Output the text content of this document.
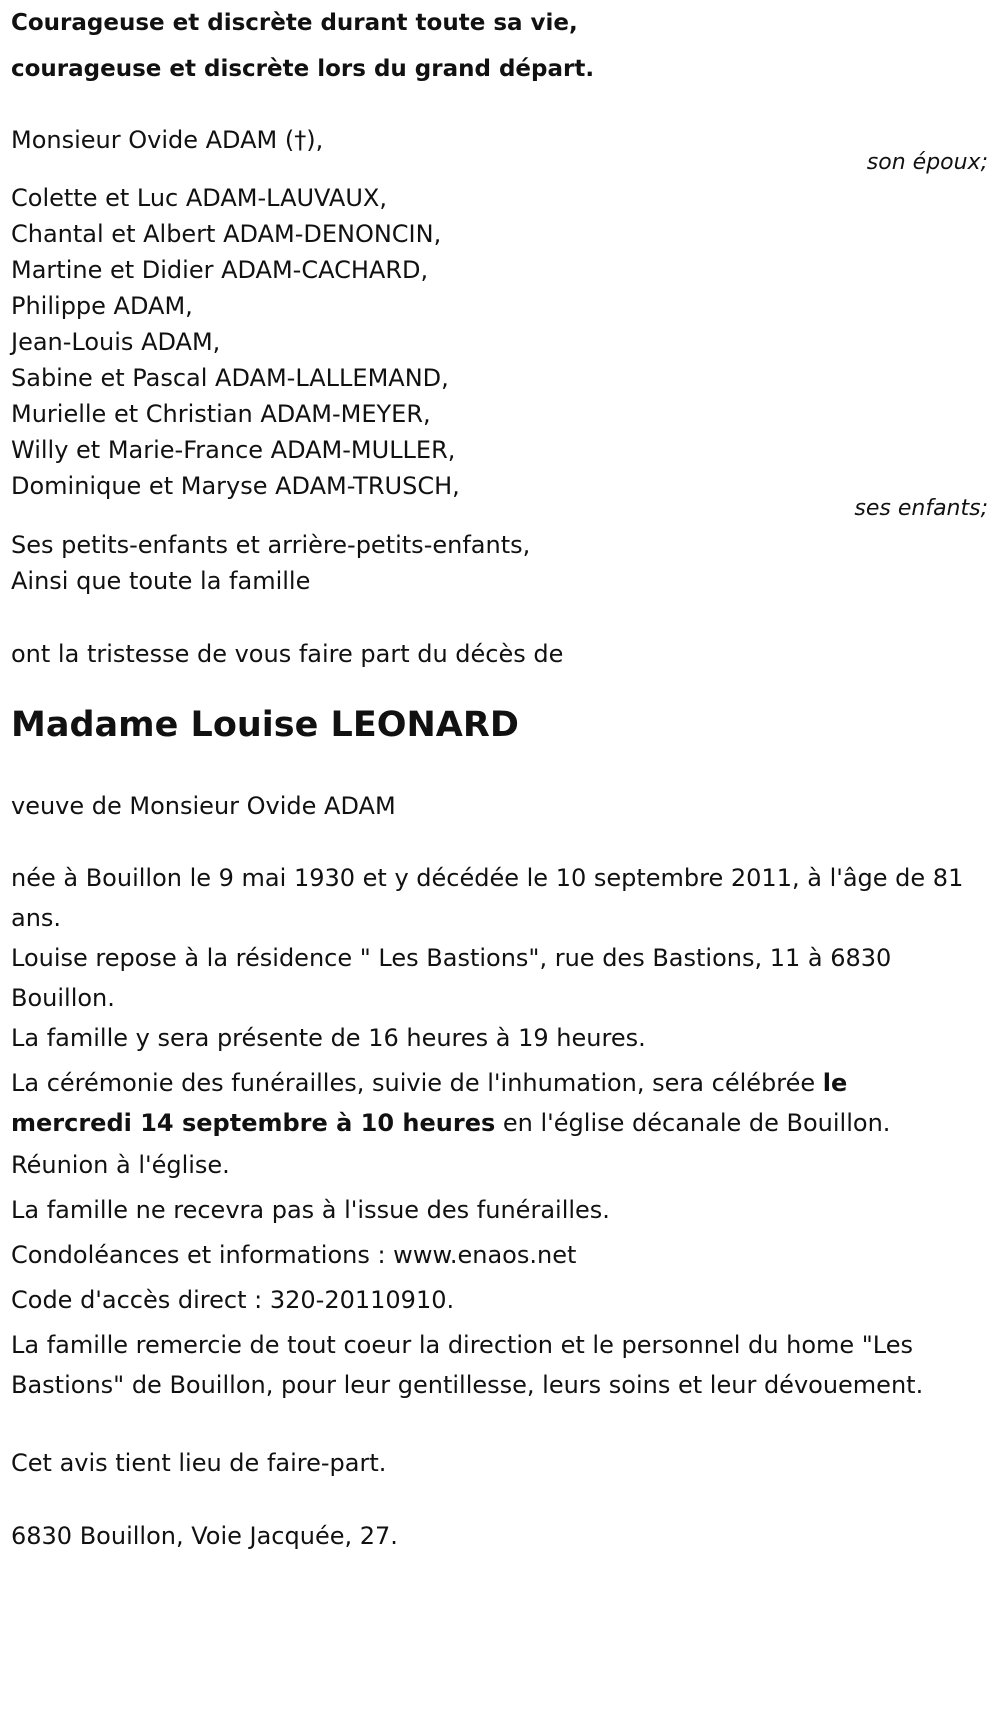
Courageuse et discrète durant toute sa vie,
courageuse et discrète lors du grand départ.
Monsieur Ovide ADAM (†),
son époux;
Colette et Luc ADAM-LAUVAUX,
Chantal et Albert ADAM-DENONCIN,
Martine et Didier ADAM-CACHARD,
Philippe ADAM,
Jean-Louis ADAM,
Sabine et Pascal ADAM-LALLEMAND,
Murielle et Christian ADAM-MEYER,
Willy et Marie-France ADAM-MULLER,
Dominique et Maryse ADAM-TRUSCH,
ses enfants;
Ses petits-enfants et arrière-petits-enfants,
Ainsi que toute la famille
ont la tristesse de vous faire part du décès de
Madame Louise LEONARD
veuve de Monsieur Ovide ADAM
née à Bouillon le 9 mai 1930 et y décédée le 10 septembre 2011, à l'âge de 81 ans.
Louise repose à la résidence " Les Bastions", rue des Bastions, 11 à 6830 Bouillon.
La famille y sera présente de 16 heures à 19 heures.
La cérémonie des funérailles, suivie de l'inhumation, sera célébrée le mercredi 14 septembre à 10 heures en l'église décanale de Bouillon.
Réunion à l'église.
La famille ne recevra pas à l'issue des funérailles.
Condoléances et informations : www.enaos.net
Code d'accès direct : 320-20110910.
La famille remercie de tout coeur la direction et le personnel du home "Les Bastions" de Bouillon, pour leur gentillesse, leurs soins et leur dévouement.
Cet avis tient lieu de faire-part.
6830 Bouillon, Voie Jacquée, 27.
